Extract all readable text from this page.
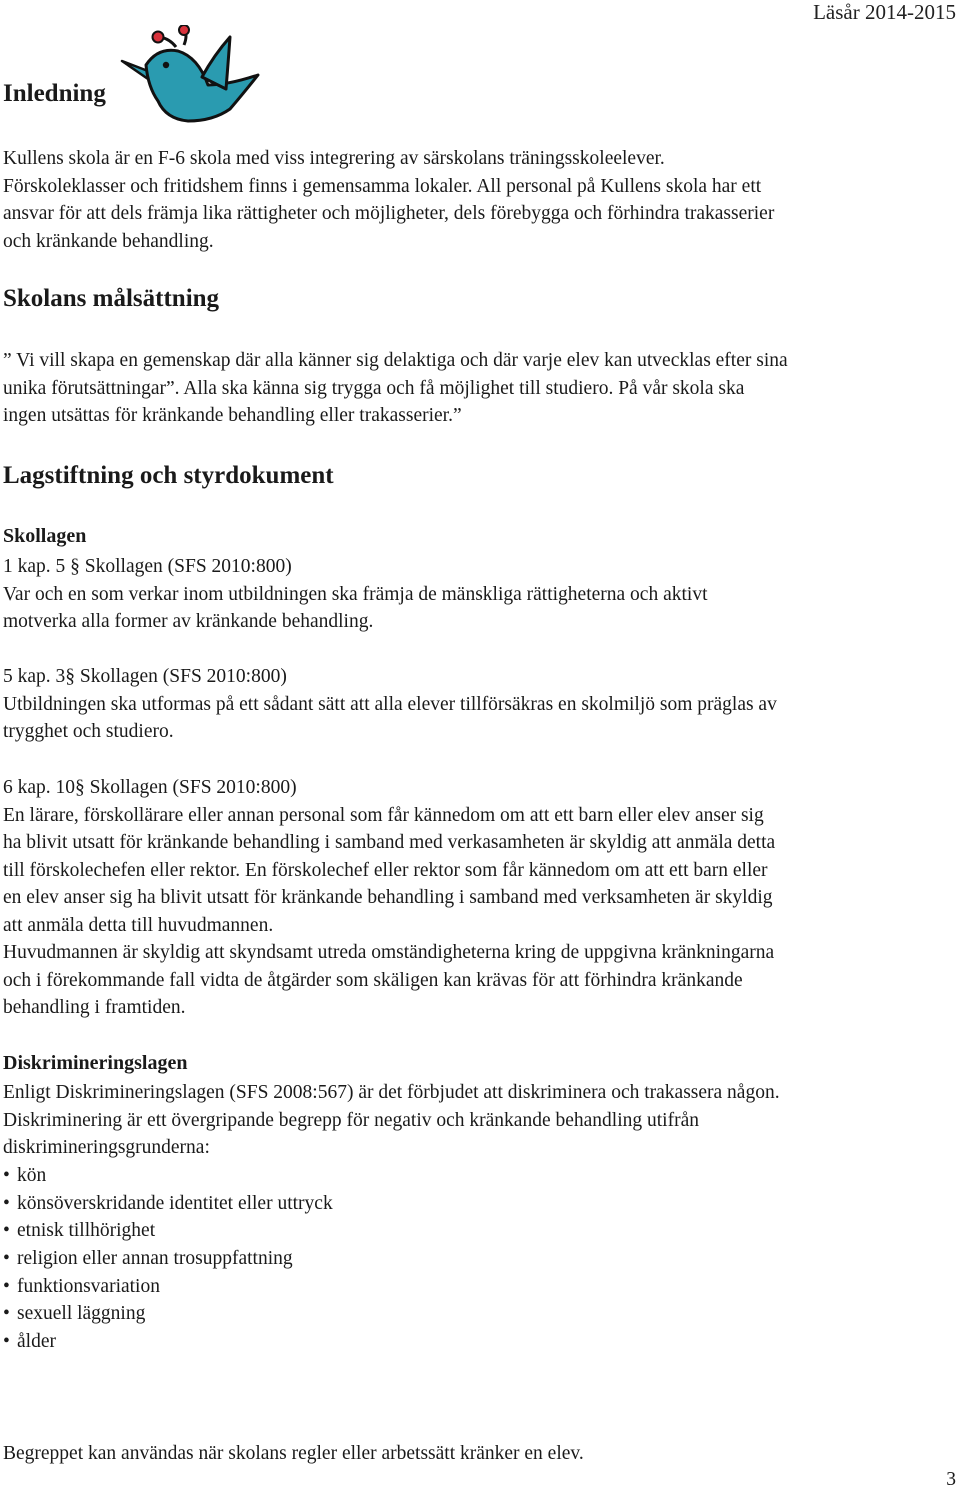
Läsår 2014-2015
Inledning
Kullens skola är en F-6 skola med viss integrering av särskolans träningsskoleelever.
Förskoleklasser och fritidshem finns i gemensamma lokaler. All personal på Kullens skola har ett
ansvar för att dels främja lika rättigheter och möjligheter, dels förebygga och förhindra trakasserier
och kränkande behandling.
Skolans målsättning
” Vi vill skapa en gemenskap där alla känner sig delaktiga och där varje elev kan utvecklas efter sina
unika förutsättningar”. Alla ska känna sig trygga och få möjlighet till studiero. På vår skola ska
ingen utsättas för kränkande behandling eller trakasserier.”
Lagstiftning och styrdokument
Skollagen
1 kap. 5 § Skollagen (SFS 2010:800)
Var och en som verkar inom utbildningen ska främja de mänskliga rättigheterna och aktivt
motverka alla former av kränkande behandling.
5 kap. 3§ Skollagen (SFS 2010:800)
Utbildningen ska utformas på ett sådant sätt att alla elever tillförsäkras en skolmiljö som präglas av
trygghet och studiero.
6 kap. 10§ Skollagen (SFS 2010:800)
En lärare, förskollärare eller annan personal som får kännedom om att ett barn eller elev anser sig
ha blivit utsatt för kränkande behandling i samband med verkasamheten är skyldig att anmäla detta
till förskolechefen eller rektor. En förskolechef eller rektor som får kännedom om att ett barn eller
en elev anser sig ha blivit utsatt för kränkande behandling i samband med verksamheten är skyldig
att anmäla detta till huvudmannen.
Huvudmannen är skyldig att skyndsamt utreda omständigheterna kring de uppgivna kränkningarna
och i förekommande fall vidta de åtgärder som skäligen kan krävas för att förhindra kränkande
behandling i framtiden.
Diskrimineringslagen
Enligt Diskrimineringslagen (SFS 2008:567) är det förbjudet att diskriminera och trakassera någon.
Diskriminering är ett övergripande begrepp för negativ och kränkande behandling utifrån
diskrimineringsgrunderna:
• kön
• könsöverskridande identitet eller uttryck
• etnisk tillhörighet
• religion eller annan trosuppfattning
• funktionsvariation
• sexuell läggning
• ålder
Begreppet kan användas när skolans regler eller arbetssätt kränker en elev.
3
